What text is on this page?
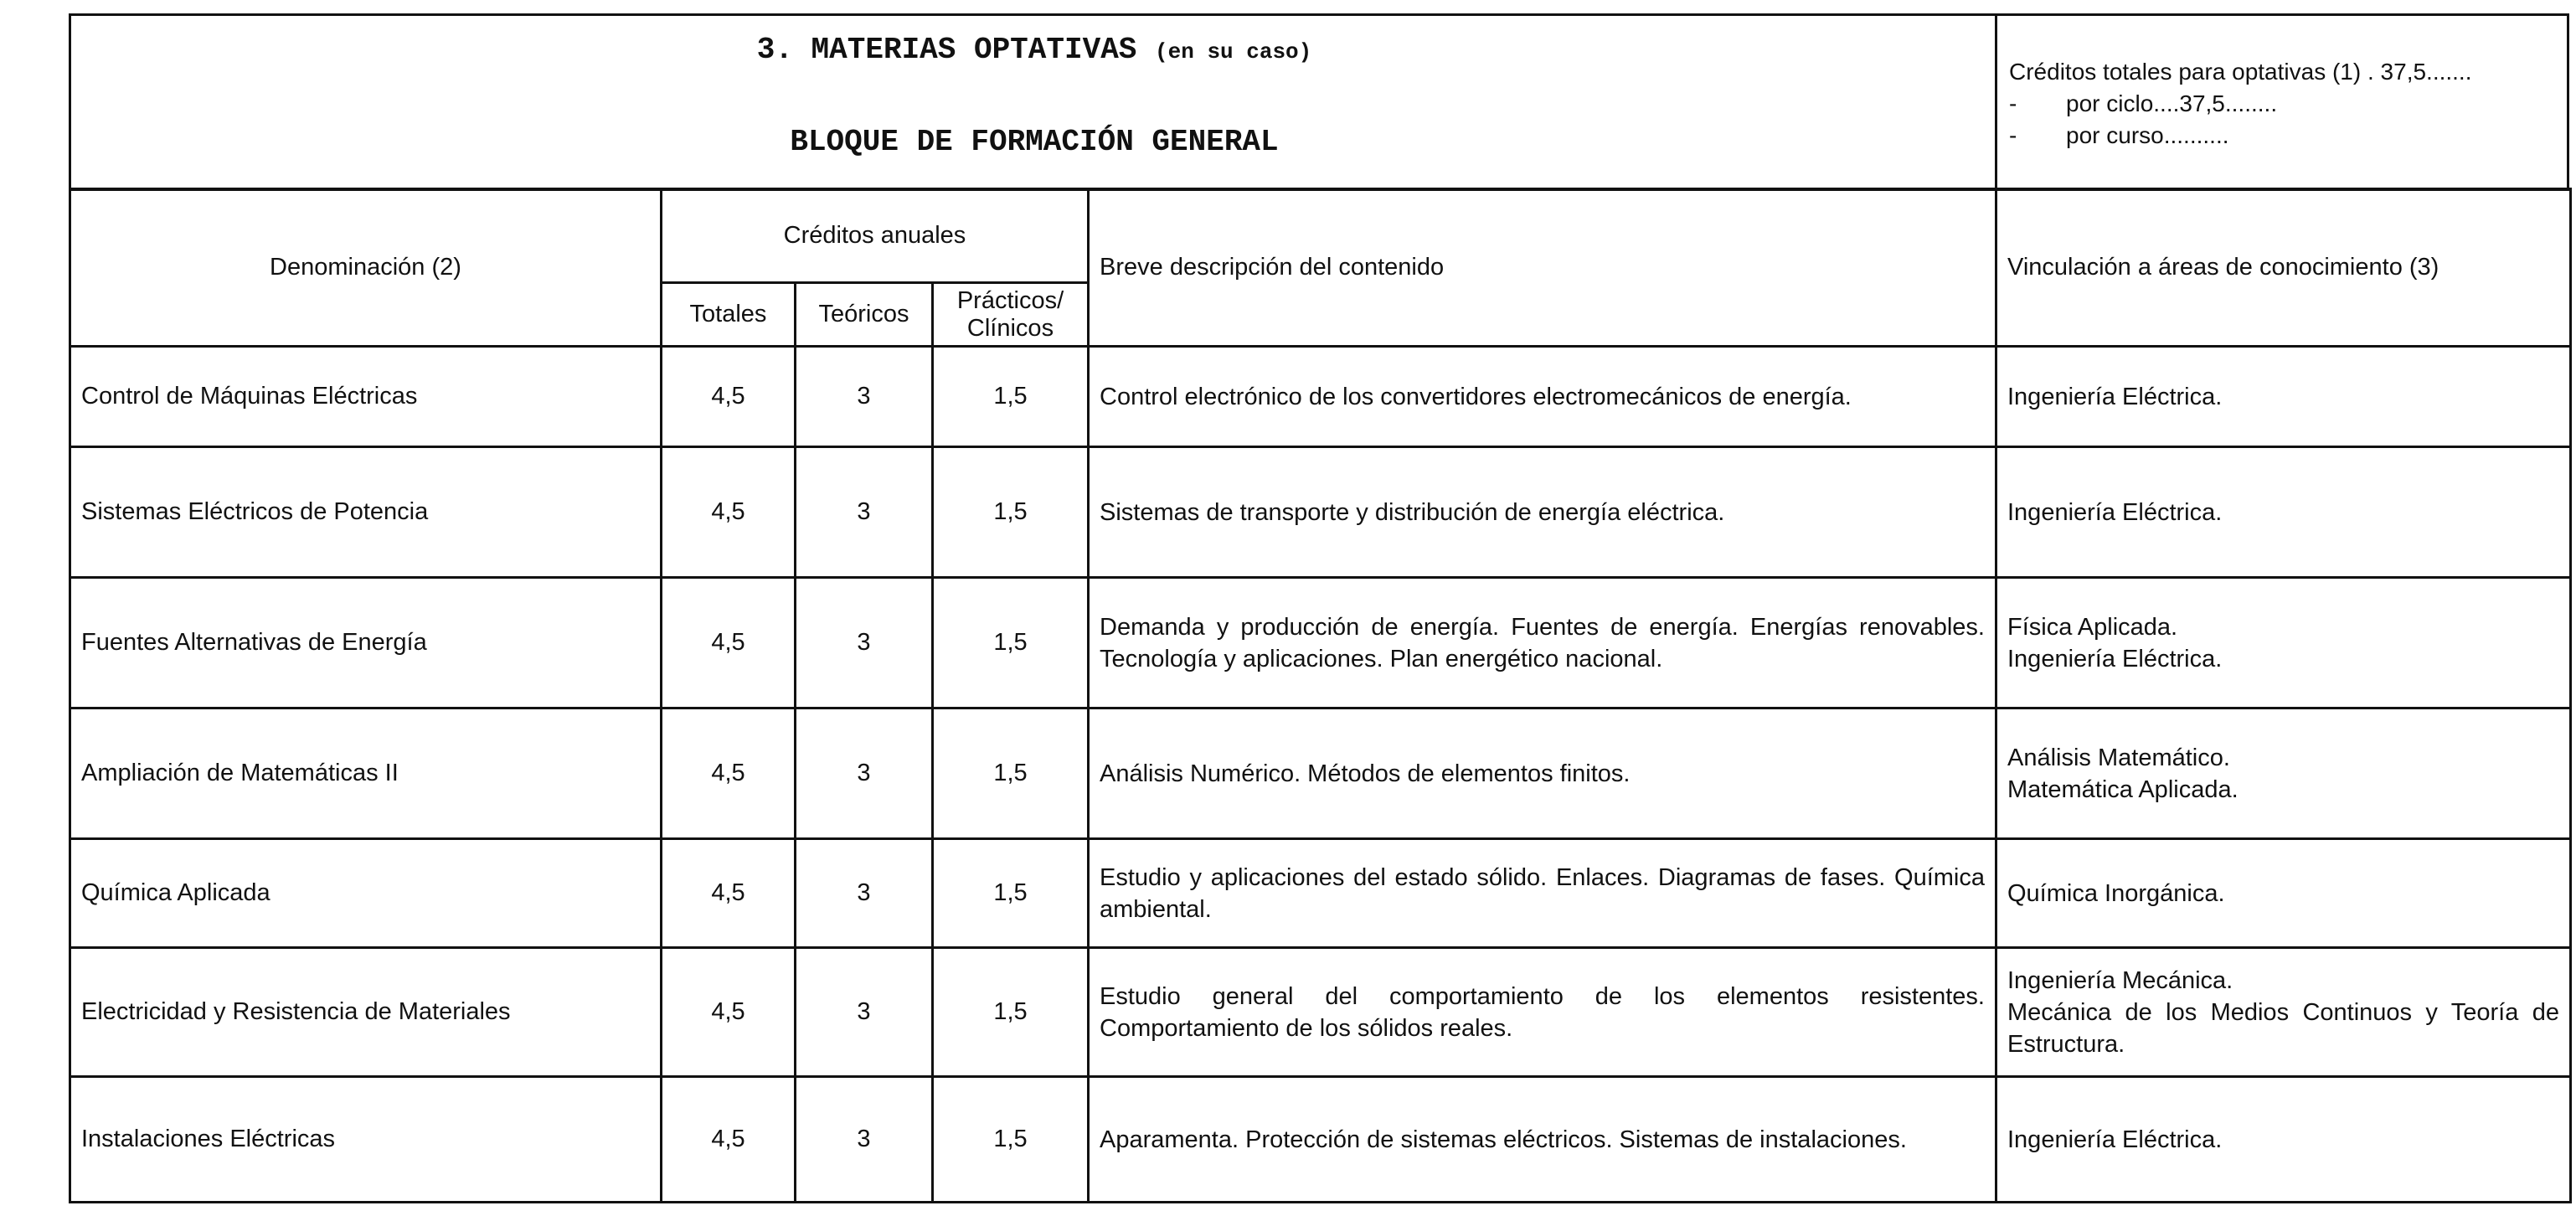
3. MATERIAS OPTATIVAS (en su caso)
BLOQUE DE FORMACIÓN GENERAL
Créditos totales para optativas (1) . 37,5.......
- por ciclo....37,5........
- por curso..........
Denominación (2)	Créditos anuales			Breve descripción del contenido	Vinculación a áreas de conocimiento (3)
	Totales	Teóricos	Prácticos/ Clínicos		
Control de Máquinas Eléctricas	4,5	3	1,5	Control electrónico de los convertidores electromecánicos de energía.	Ingeniería Eléctrica.

Sistemas Eléctricos de Potencia	4,5	3	1,5	Sistemas de transporte y distribución de energía eléctrica.	Ingeniería Eléctrica.

Fuentes Alternativas de Energía	4,5	3	1,5	Demanda y producción de energía. Fuentes de energía. Energías renovables. Tecnología y aplicaciones. Plan energético nacional.	Física Aplicada.
Ingeniería Eléctrica.

Ampliación de Matemáticas II	4,5	3	1,5	Análisis Numérico. Métodos de elementos finitos.	Análisis Matemático.
Matemática Aplicada.

Química Aplicada	4,5	3	1,5	Estudio y aplicaciones del estado sólido. Enlaces. Diagramas de fases. Química ambiental.	Química Inorgánica.

Electricidad y Resistencia de Materiales	4,5	3	1,5	Estudio general del comportamiento de los elementos resistentes. Comportamiento de los sólidos reales.	Ingeniería Mecánica.
Mecánica de los Medios Continuos y Teoría de Estructura.

Instalaciones Eléctricas	4,5	3	1,5	Aparamenta. Protección de sistemas eléctricos. Sistemas de instalaciones.	Ingeniería Eléctrica.
